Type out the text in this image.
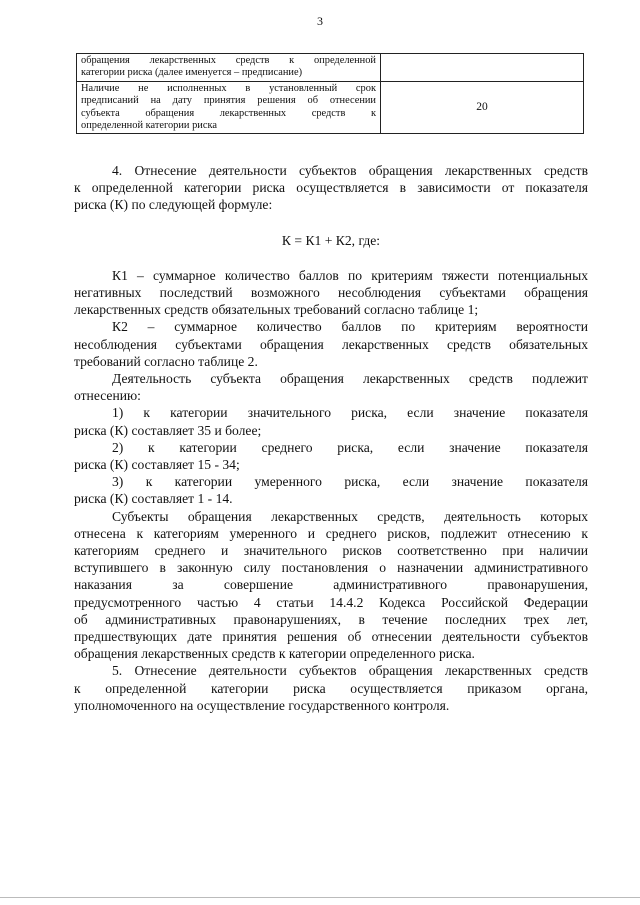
3
обращения лекарственных средств к определенной
категории риска (далее именуется – предписание)	

Наличие не исполненных в установленный срок
предписаний на дату принятия решения об отнесении
субъекта обращения лекарственных средств к
определенной категории риска	20

4. Отнесение деятельности субъектов обращения лекарственных средств

к определенной категории риска осуществляется в зависимости от показателя

риска (К) по следующей формуле:

К = К1 + К2, где:

К1 – суммарное количество баллов по критериям тяжести потенциальных

негативных последствий возможного несоблюдения субъектами обращения

лекарственных средств обязательных требований согласно таблице 1;

К2 – суммарное количество баллов по критериям вероятности

несоблюдения субъектами обращения лекарственных средств обязательных

требований согласно таблице 2.

Деятельность субъекта обращения лекарственных средств подлежит

отнесению:

1) к категории значительного риска, если значение показателя

риска (К) составляет 35 и более;

2) к категории среднего риска, если значение показателя

риска (К) составляет 15 - 34;

3) к категории умеренного риска, если значение показателя

риска (К) составляет 1 - 14.

Субъекты обращения лекарственных средств, деятельность которых

отнесена к категориям умеренного и среднего рисков, подлежит отнесению к

категориям среднего и значительного рисков соответственно при наличии

вступившего в законную силу постановления о назначении административного

наказания за совершение административного правонарушения,

предусмотренного частью 4 статьи 14.4.2 Кодекса Российской Федерации

об административных правонарушениях, в течение последних трех лет,

предшествующих дате принятия решения об отнесении деятельности субъектов

обращения лекарственных средств к категории определенного риска.

5. Отнесение деятельности субъектов обращения лекарственных средств

к определенной категории риска осуществляется приказом органа,

уполномоченного на осуществление государственного контроля.
